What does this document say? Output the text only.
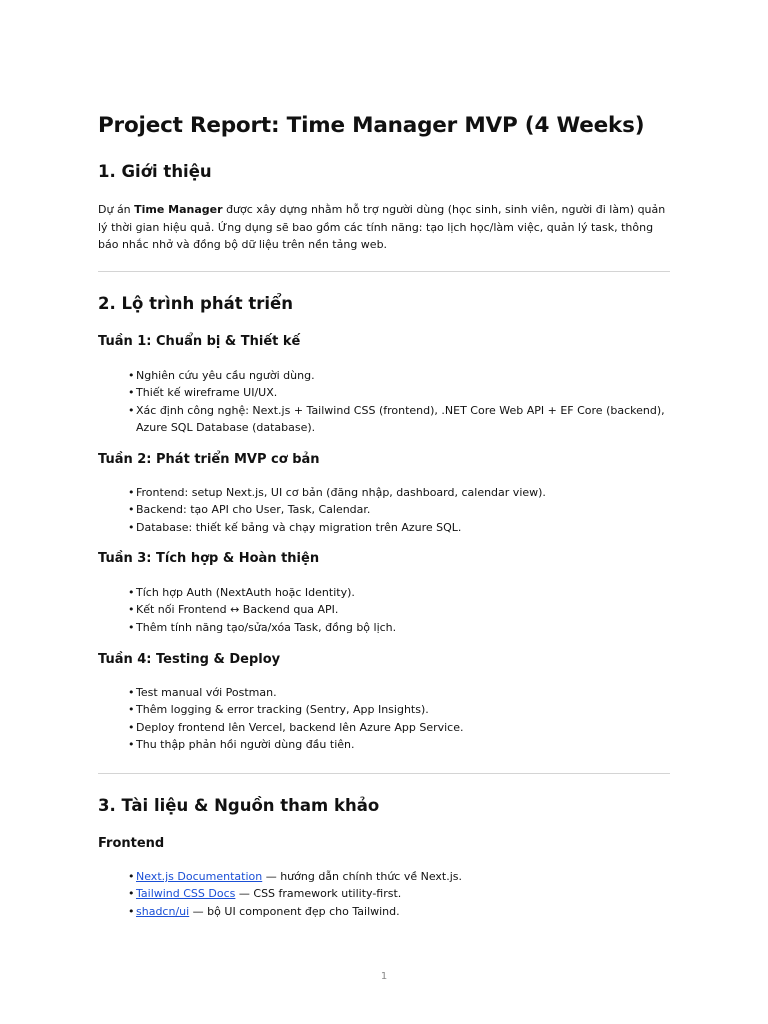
Project Report: Time Manager MVP (4 Weeks)
1. Giới thiệu

Dự án Time Manager được xây dựng nhằm hỗ trợ người dùng (học sinh, sinh viên, người đi làm) quản lý thời gian hiệu quả. Ứng dụng sẽ bao gồm các tính năng: tạo lịch học/làm việc, quản lý task, thông báo nhắc nhở và đồng bộ dữ liệu trên nền tảng web.

2. Lộ trình phát triển
Tuần 1: Chuẩn bị & Thiết kế
• Nghiên cứu yêu cầu người dùng.
• Thiết kế wireframe UI/UX.
• Xác định công nghệ: Next.js + Tailwind CSS (frontend), .NET Core Web API + EF Core (backend), Azure SQL Database (database).
Tuần 2: Phát triển MVP cơ bản
• Frontend: setup Next.js, UI cơ bản (đăng nhập, dashboard, calendar view).
• Backend: tạo API cho User, Task, Calendar.
• Database: thiết kế bảng và chạy migration trên Azure SQL.
Tuần 3: Tích hợp & Hoàn thiện
• Tích hợp Auth (NextAuth hoặc Identity).
• Kết nối Frontend ↔ Backend qua API.
• Thêm tính năng tạo/sửa/xóa Task, đồng bộ lịch.
Tuần 4: Testing & Deploy
• Test manual với Postman.
• Thêm logging & error tracking (Sentry, App Insights).
• Deploy frontend lên Vercel, backend lên Azure App Service.
• Thu thập phản hồi người dùng đầu tiên.
3. Tài liệu & Nguồn tham khảo
Frontend
• Next.js Documentation — hướng dẫn chính thức về Next.js.
• Tailwind CSS Docs — CSS framework utility-first.
• shadcn/ui — bộ UI component đẹp cho Tailwind.
1
